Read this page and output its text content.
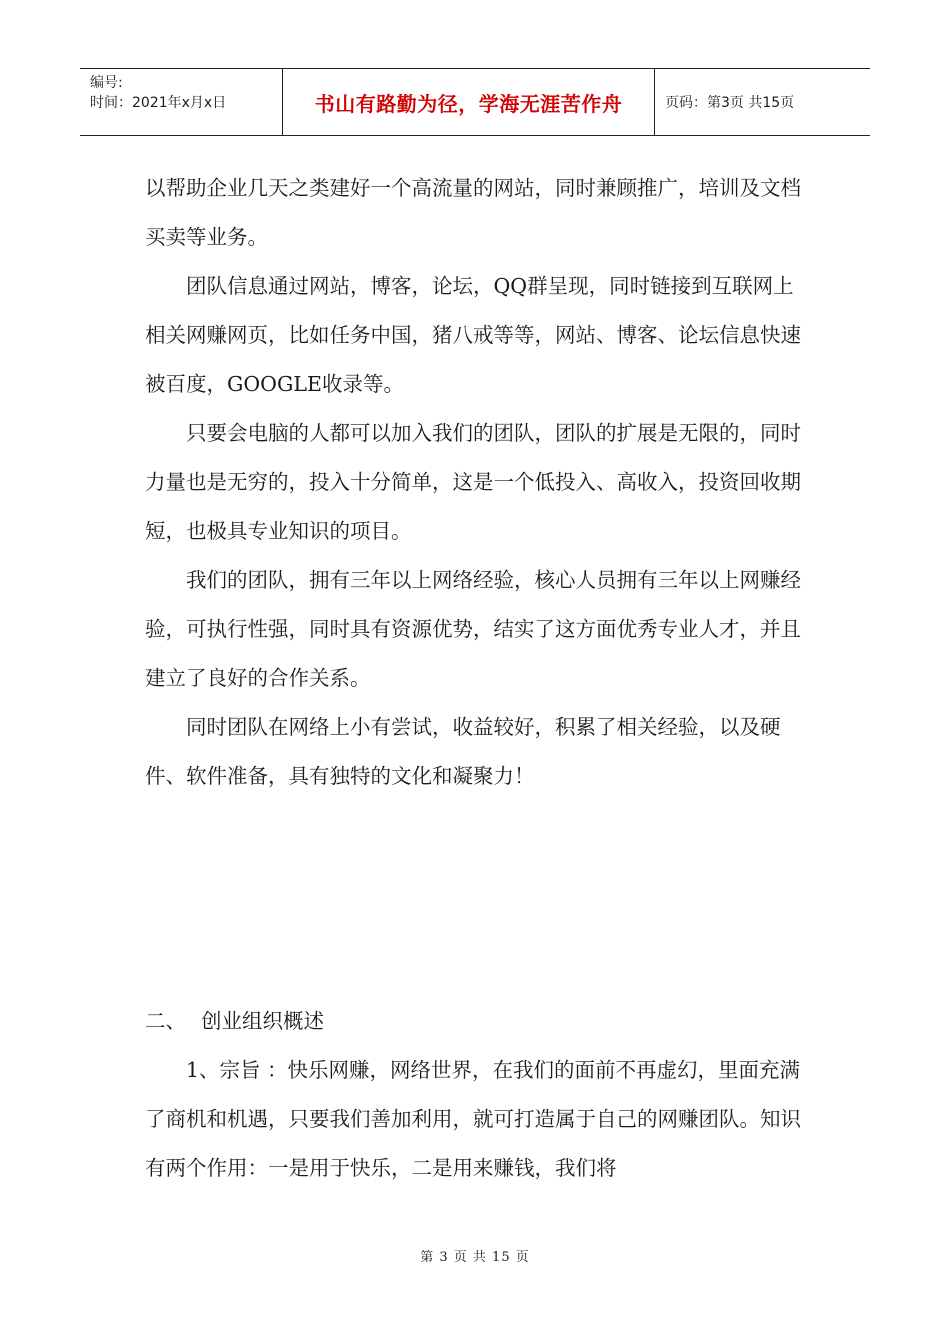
编号:
时间：2021年x月x日	书山有路勤为径，学海无涯苦作舟	页码：第3页 共15页

以帮助企业几天之类建好一个高流量的网站，同时兼顾推广，培训及文档买卖等业务。

团队信息通过网站，博客，论坛，QQ群呈现，同时链接到互联网上相关网赚网页，比如任务中国，猪八戒等等，网站、博客、论坛信息快速被百度，GOOGLE收录等。

只要会电脑的人都可以加入我们的团队，团队的扩展是无限的，同时力量也是无穷的，投入十分简单，这是一个低投入、高收入，投资回收期短，也极具专业知识的项目。

我们的团队，拥有三年以上网络经验，核心人员拥有三年以上网赚经验，可执行性强，同时具有资源优势，结实了这方面优秀专业人才，并且建立了良好的合作关系。

同时团队在网络上小有尝试，收益较好，积累了相关经验，以及硬件、软件准备，具有独特的文化和凝聚力！

二、 创业组织概述

1、宗旨 ：快乐网赚，网络世界，在我们的面前不再虚幻，里面充满了商机和机遇，只要我们善加利用，就可打造属于自己的网赚团队。知识有两个作用：一是用于快乐，二是用来赚钱，我们将

第 3 页 共 15 页
